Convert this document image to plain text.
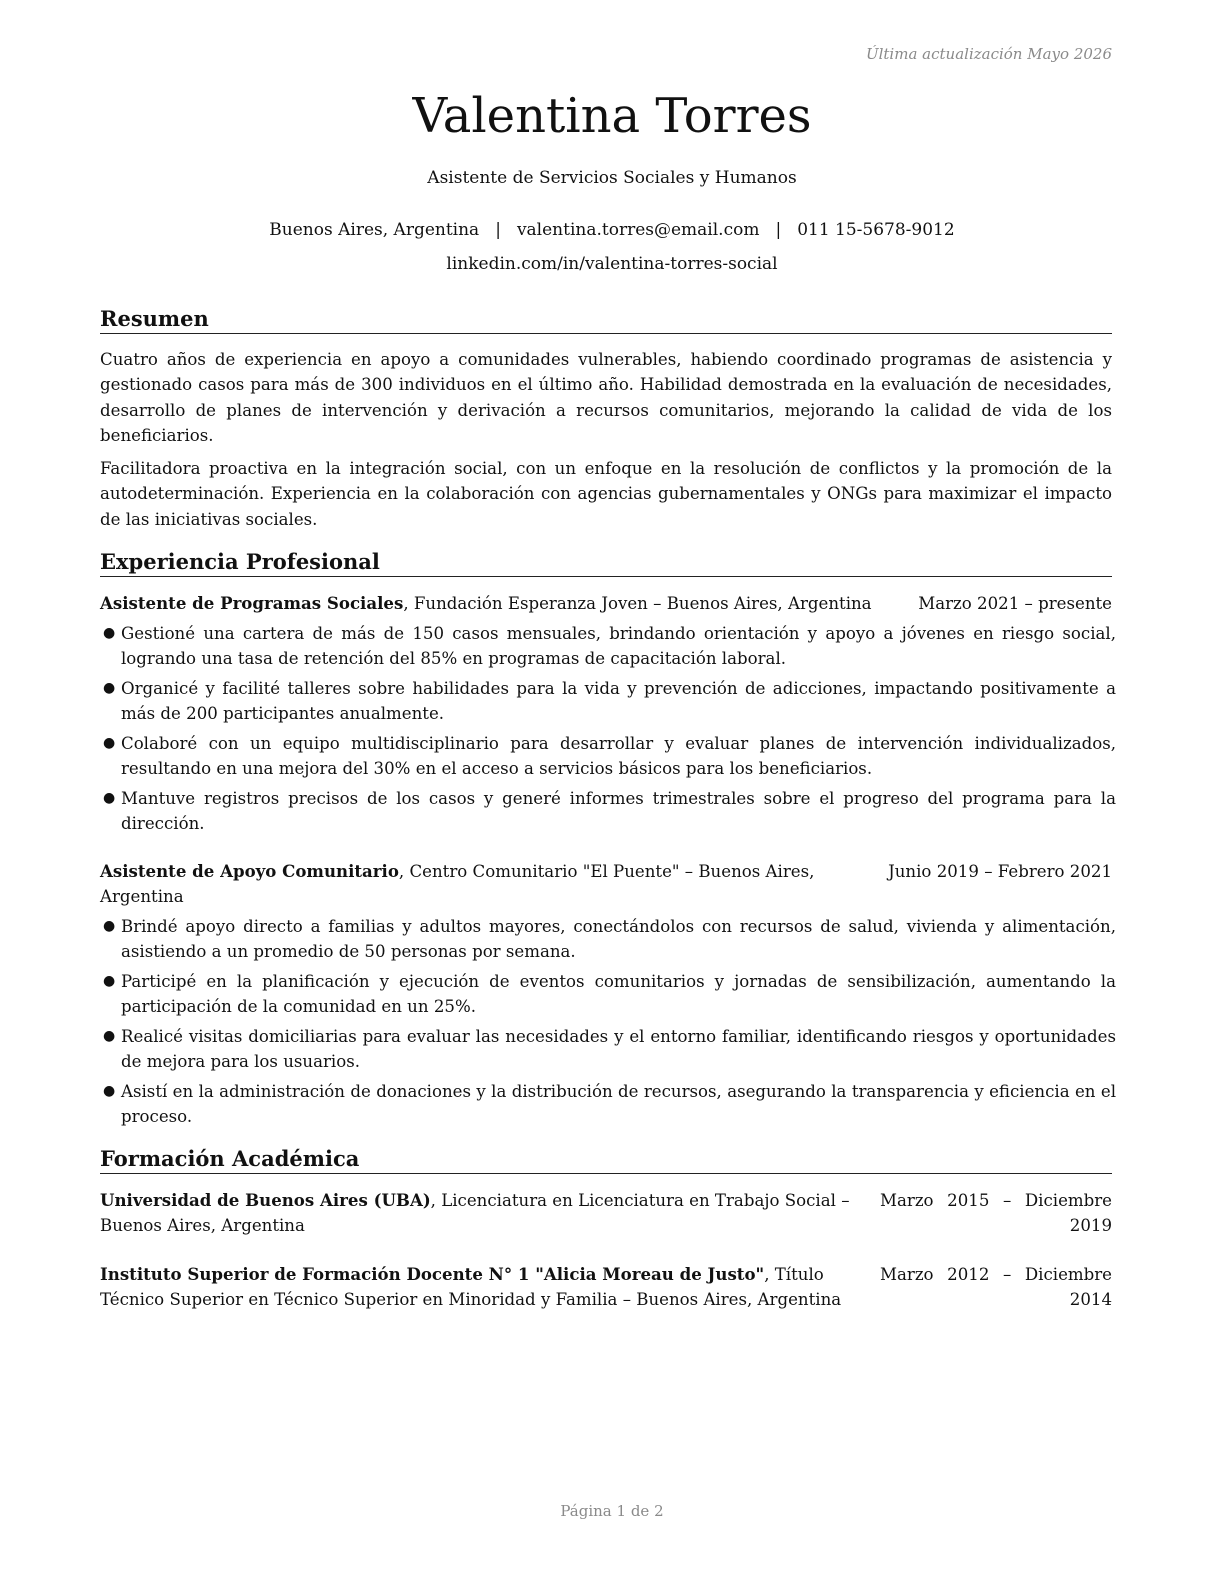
Última actualización Mayo 2026
Valentina Torres
Asistente de Servicios Sociales y Humanos
Buenos Aires, Argentina | valentina.torres@email.com | 011 15-5678-9012
linkedin.com/in/valentina-torres-social
Resumen
Cuatro años de experiencia en apoyo a comunidades vulnerables, habiendo coordinado programas de asistencia y gestionado casos para más de 300 individuos en el último año. Habilidad demostrada en la evaluación de necesidades, desarrollo de planes de intervención y derivación a recursos comunitarios, mejorando la calidad de vida de los beneficiarios.
Facilitadora proactiva en la integración social, con un enfoque en la resolución de conflictos y la promoción de la autodeterminación. Experiencia en la colaboración con agencias gubernamentales y ONGs para maximizar el impacto de las iniciativas sociales.
Experiencia Profesional
Asistente de Programas Sociales, Fundación Esperanza Joven – Buenos Aires, Argentina	Marzo 2021 – presente
● Gestioné una cartera de más de 150 casos mensuales, brindando orientación y apoyo a jóvenes en riesgo social, logrando una tasa de retención del 85% en programas de capacitación laboral.
● Organicé y facilité talleres sobre habilidades para la vida y prevención de adicciones, impactando positivamente a más de 200 participantes anualmente.
● Colaboré con un equipo multidisciplinario para desarrollar y evaluar planes de intervención individualizados, resultando en una mejora del 30% en el acceso a servicios básicos para los beneficiarios.
● Mantuve registros precisos de los casos y generé informes trimestrales sobre el progreso del programa para la dirección.
Asistente de Apoyo Comunitario, Centro Comunitario "El Puente" – Buenos Aires, Argentina
Junio 2019 – Febrero 2021
● Brindé apoyo directo a familias y adultos mayores, conectándolos con recursos de salud, vivienda y alimentación, asistiendo a un promedio de 50 personas por semana.
● Participé en la planificación y ejecución de eventos comunitarios y jornadas de sensibilización, aumentando la participación de la comunidad en un 25%.
● Realicé visitas domiciliarias para evaluar las necesidades y el entorno familiar, identificando riesgos y oportunidades de mejora para los usuarios.
● Asistí en la administración de donaciones y la distribución de recursos, asegurando la transparencia y eficiencia en el proceso.
Formación Académica
Universidad de Buenos Aires (UBA), Licenciatura en Licenciatura en Trabajo Social – Buenos Aires, Argentina
Marzo 2015 – Diciembre
2019
Instituto Superior de Formación Docente N° 1 "Alicia Moreau de Justo", Título Técnico Superior en Técnico Superior en Minoridad y Familia – Buenos Aires, Argentina
Marzo 2012 – Diciembre
2014
Página 1 de 2
